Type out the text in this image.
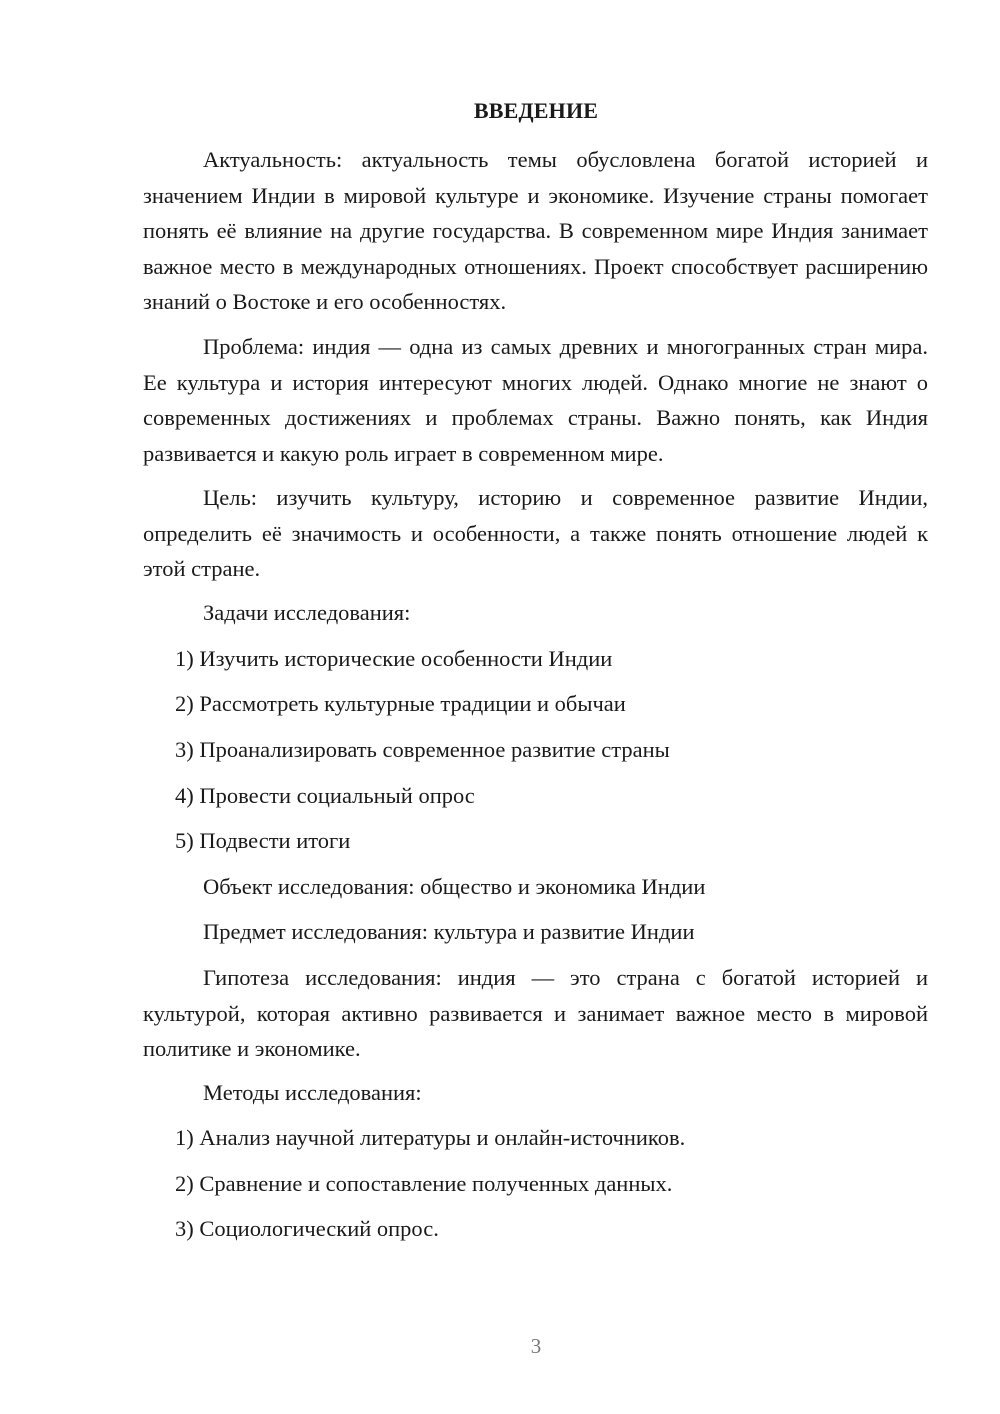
ВВЕДЕНИЕ

Актуальность: актуальность темы обусловлена богатой историей и значением Индии в мировой культуре и экономике. Изучение страны помогает понять её влияние на другие государства. В современном мире Индия занимает важное место в международных отношениях. Проект способствует расширению знаний о Востоке и его особенностях.

Проблема: индия — одна из самых древних и многогранных стран мира. Ее культура и история интересуют многих людей. Однако многие не знают о современных достижениях и проблемах страны. Важно понять, как Индия развивается и какую роль играет в современном мире.

Цель: изучить культуру, историю и современное развитие Индии, определить её значимость и особенности, а также понять отношение людей к этой стране.

Задачи исследования:

1) Изучить исторические особенности Индии

2) Рассмотреть культурные традиции и обычаи

3) Проанализировать современное развитие страны

4) Провести социальный опрос

5) Подвести итоги

Объект исследования: общество и экономика Индии

Предмет исследования: культура и развитие Индии

Гипотеза исследования: индия — это страна с богатой историей и культурой, которая активно развивается и занимает важное место в мировой политике и экономике.

Методы исследования:

1) Анализ научной литературы и онлайн-источников.

2) Сравнение и сопоставление полученных данных.

3) Социологический опрос.

3
